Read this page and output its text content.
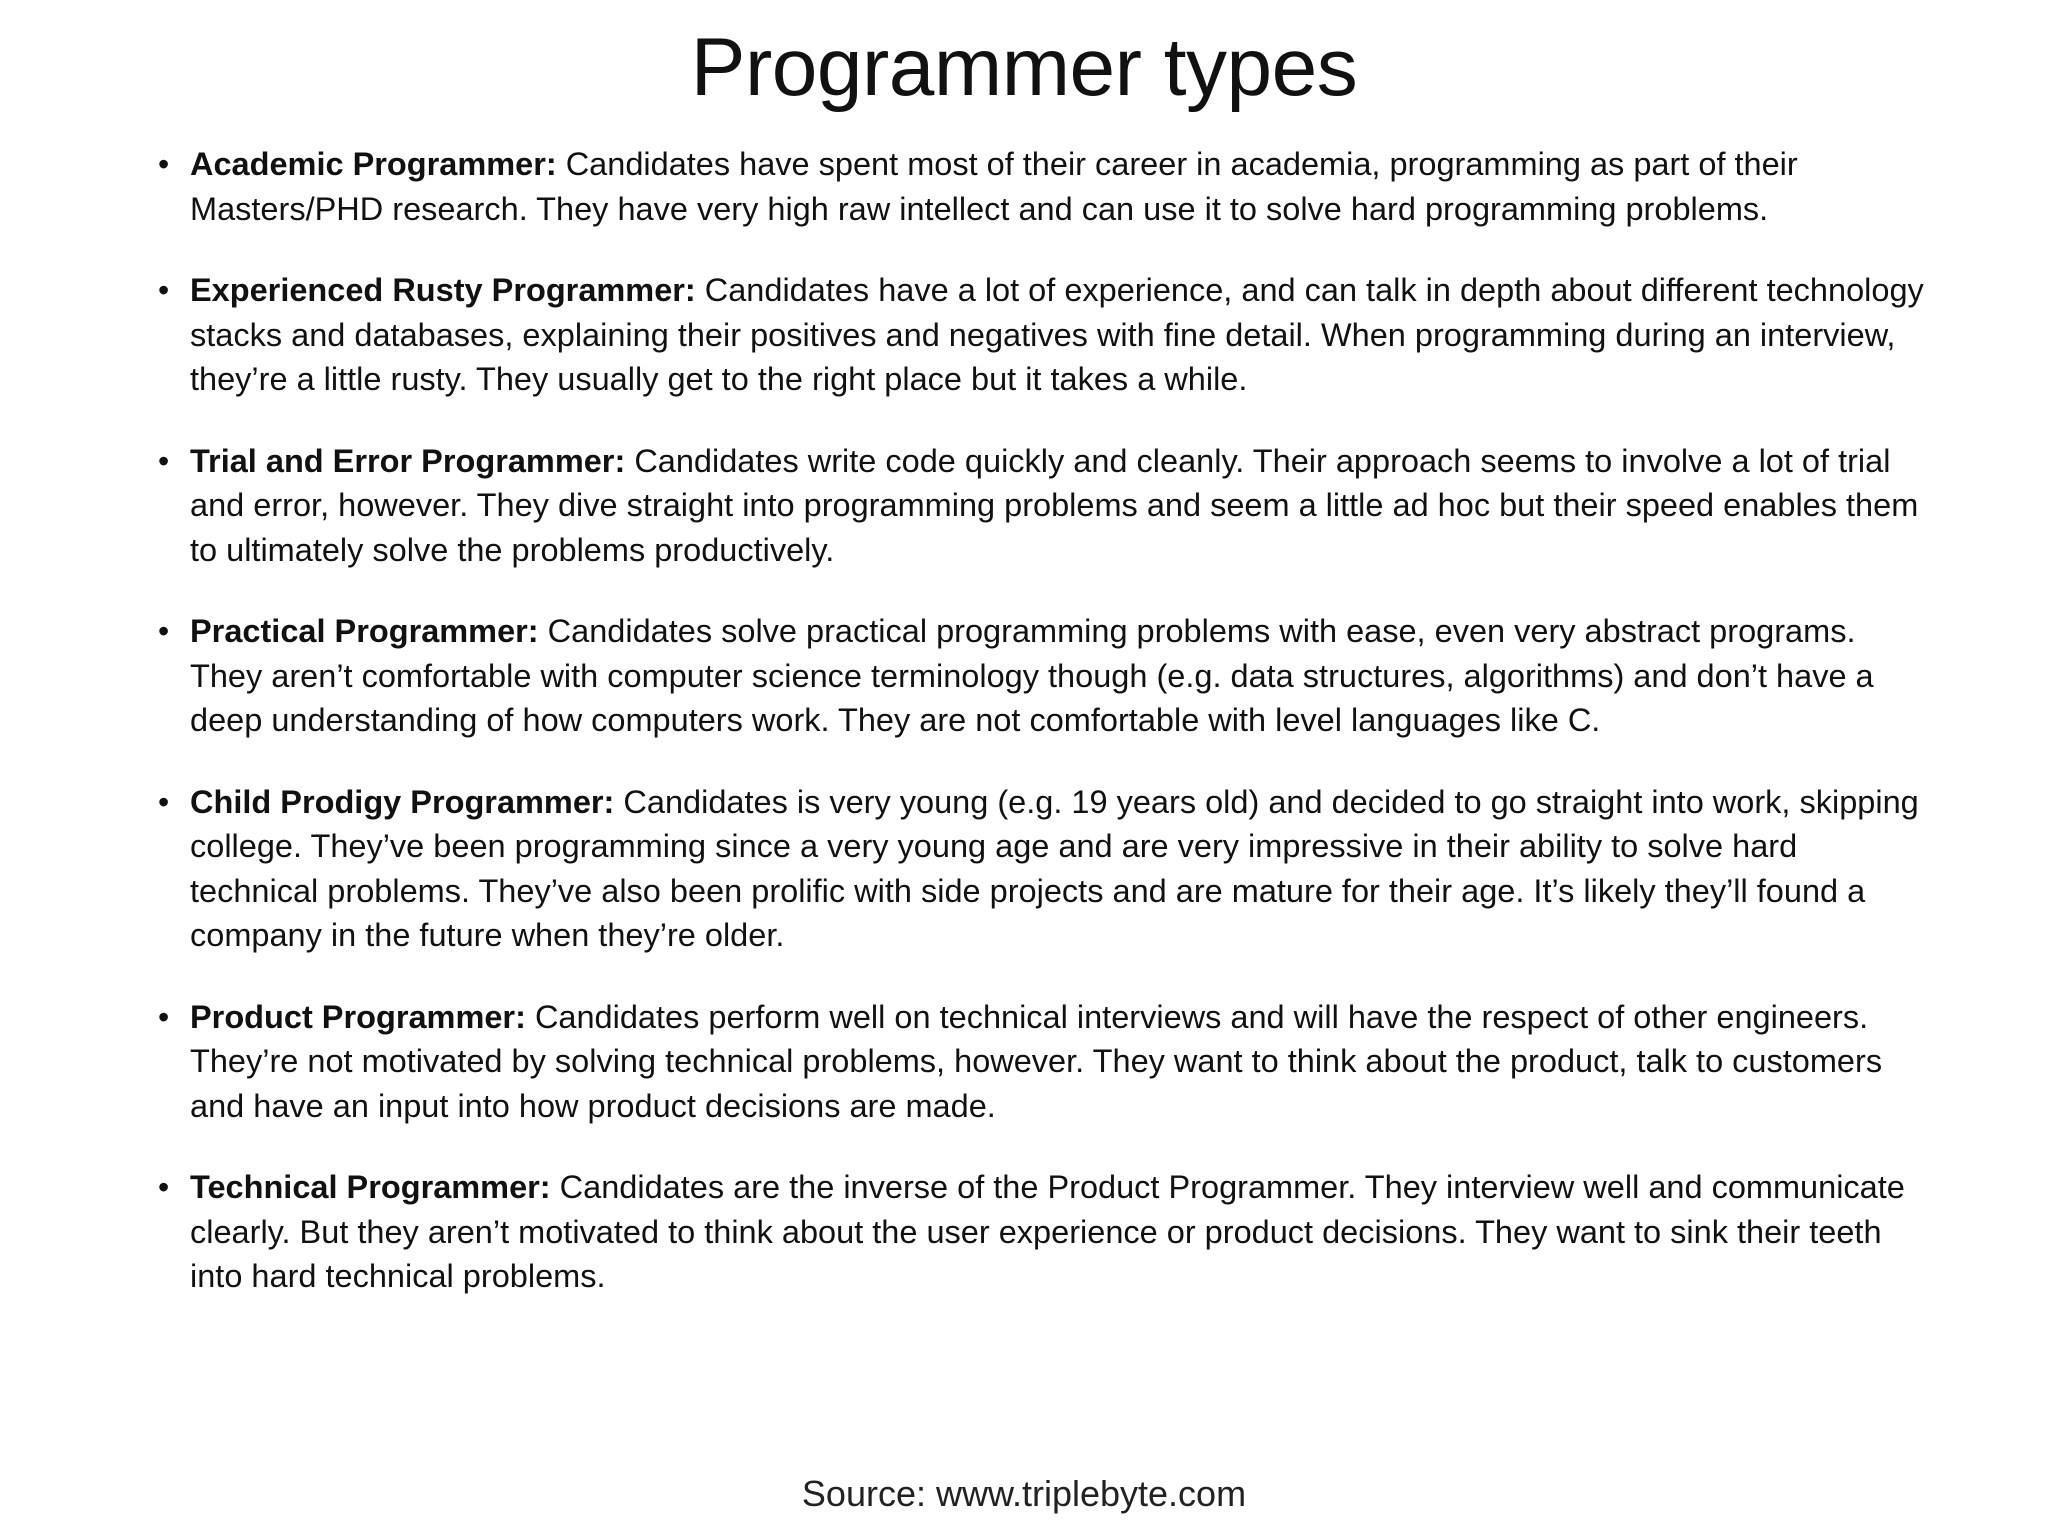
Programmer types
• Academic Programmer: Candidates have spent most of their career in academia, programming as part of their Masters/PHD research. They have very high raw intellect and can use it to solve hard programming problems.
• Experienced Rusty Programmer: Candidates have a lot of experience, and can talk in depth about different technology stacks and databases, explaining their positives and negatives with fine detail. When programming during an interview, they’re a little rusty. They usually get to the right place but it takes a while.
• Trial and Error Programmer: Candidates write code quickly and cleanly. Their approach seems to involve a lot of trial and error, however. They dive straight into programming problems and seem a little ad hoc but their speed enables them to ultimately solve the problems productively.
• Practical Programmer: Candidates solve practical programming problems with ease, even very abstract programs. They aren’t comfortable with computer science terminology though (e.g. data structures, algorithms) and don’t have a deep understanding of how computers work. They are not comfortable with level languages like C.
• Child Prodigy Programmer: Candidates is very young (e.g. 19 years old) and decided to go straight into work, skipping college. They’ve been programming since a very young age and are very impressive in their ability to solve hard technical problems. They’ve also been prolific with side projects and are mature for their age. It’s likely they’ll found a company in the future when they’re older.
• Product Programmer: Candidates perform well on technical interviews and will have the respect of other engineers. They’re not motivated by solving technical problems, however. They want to think about the product, talk to customers and have an input into how product decisions are made.
• Technical Programmer: Candidates are the inverse of the Product Programmer. They interview well and communicate clearly. But they aren’t motivated to think about the user experience or product decisions. They want to sink their teeth into hard technical problems.
Source: www.triplebyte.com
